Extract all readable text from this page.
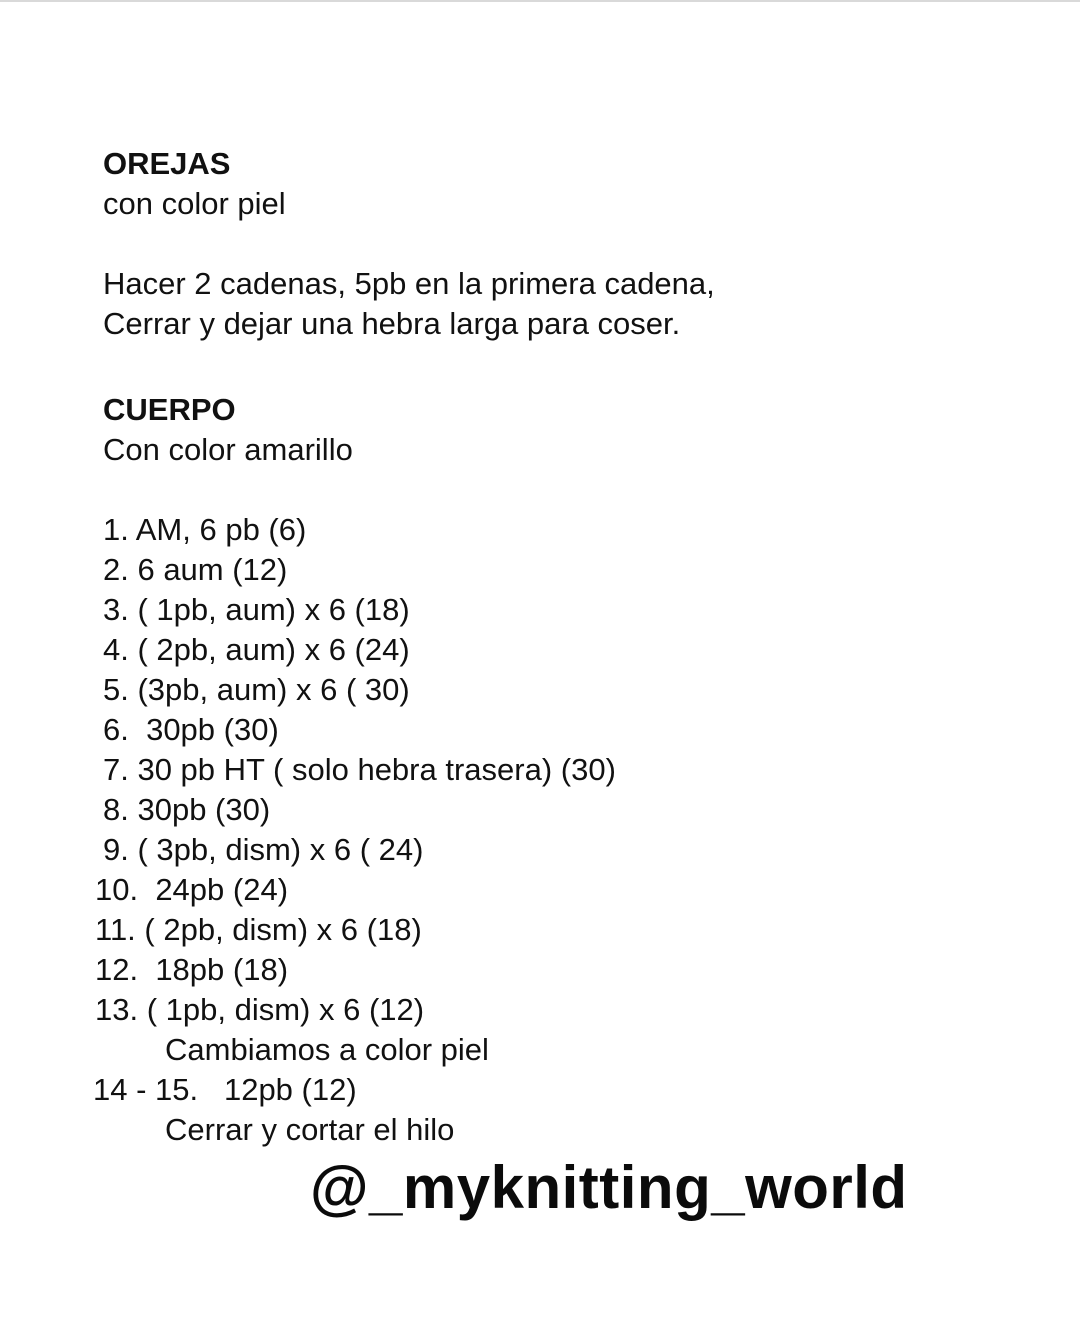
OREJAS

con color piel

Hacer 2 cadenas, 5pb en la primera cadena,

Cerrar y dejar una hebra larga para coser.

CUERPO

Con color amarillo

1. AM, 6 pb (6)
2. 6 aum (12)
3. ( 1pb, aum) x 6 (18)
4. ( 2pb, aum) x 6 (24)
5. (3pb, aum) x 6 ( 30)
6.  30pb (30)
7. 30 pb HT ( solo hebra trasera) (30)
8. 30pb (30)
9. ( 3pb, dism) x 6 ( 24)
10.  24pb (24)
11. ( 2pb, dism) x 6 (18)
12.  18pb (18)
13. ( 1pb, dism) x 6 (12)
Cambiamos a color piel
14 - 15.   12pb (12)
Cerrar y cortar el hilo
@_myknitting_world
